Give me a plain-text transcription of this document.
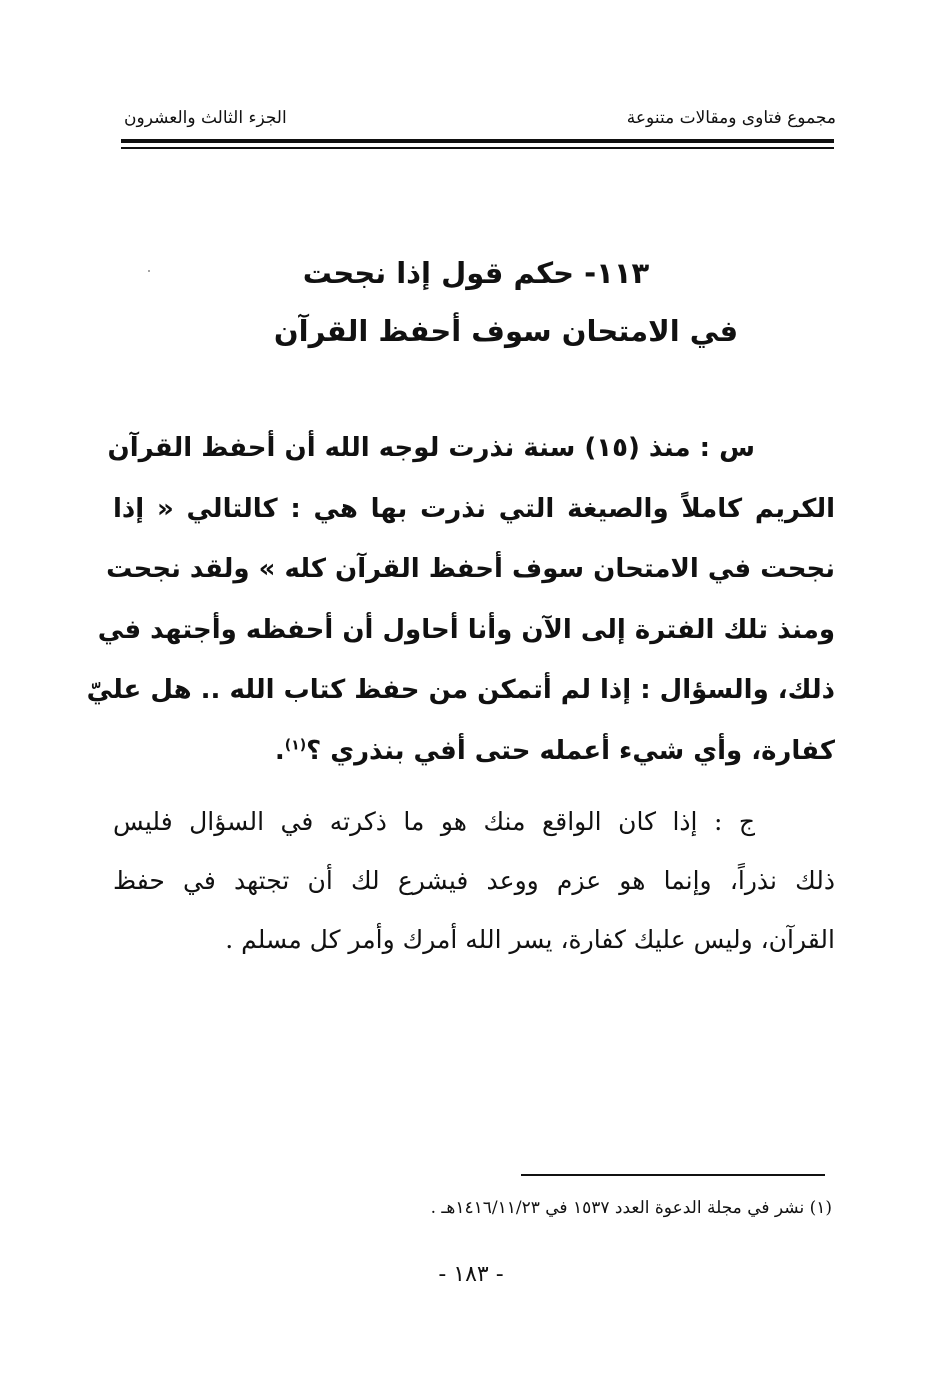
مجموع فتاوى ومقالات متنوعة
الجزء الثالث والعشرون
١١٣- حكم قول إذا نجحت
في الامتحان سوف أحفظ القرآن
س : منذ (١٥) سنة نذرت لوجه الله أن أحفظ القرآن
الكريم كاملاً والصيغة التي نذرت بها هي : كالتالي « إذا
نجحت في الامتحان سوف أحفظ القرآن كله » ولقد نجحت
ومنذ تلك الفترة إلى الآن وأنا أحاول أن أحفظه وأجتهد في
ذلك، والسؤال : إذا لم أتمكن من حفظ كتاب الله .. هل عليّ
كفارة، وأي شيء أعمله حتى أفي بنذري ؟$^{(١)}$.
ج : إذا كان الواقع منك هو ما ذكرته في السؤال فليس
ذلك نذراً، وإنما هو عزم ووعد فيشرع لك أن تجتهد في حفظ
القرآن، وليس عليك كفارة، يسر الله أمرك وأمر كل مسلم .
(١) نشر في مجلة الدعوة العدد ١٥٣٧ في ١٤١٦/١١/٢٣هـ .
- ١٨٣ -
